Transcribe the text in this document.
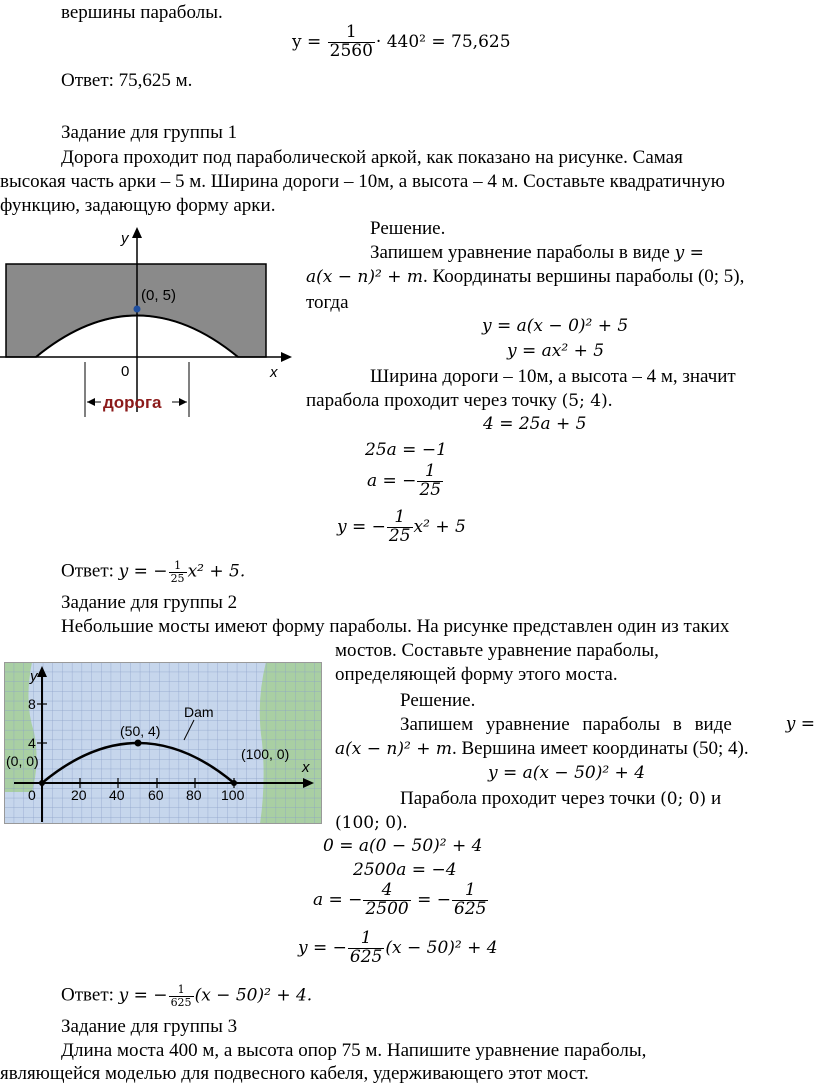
вершины параболы.
$y = \frac{1}{2560} \cdot 440^2 = 75,625$
Ответ: 75,625 м.
Задание для группы 1
Дорога проходит под параболической аркой, как показано на рисунке. Самая
высокая часть арки – 5 м. Ширина дороги – 10м, а высота – 4 м. Составьте квадратичную
функцию, задающую форму арки.
y
x
0
(0, 5)
дорога
Решение.
Запишем уравнение параболы в виде y =
a(x − n)² + m. Координаты вершины параболы (0; 5),
тогда
y = a(x − 0)² + 5
y = ax² + 5
Ширина дороги – 10м, а высота – 4 м, значит
парабола проходит через точку (5; 4).
4 = 25a + 5
25a = −1
a = − $\frac{1}{25}$
y = − $\frac{1}{25} x^2 + 5$
Ответ: y = − $\frac{1}{25} x^2 + 5$.
Задание для группы 2
Небольшие мосты имеют форму параболы. На рисунке представлен один из таких
мостов. Составьте уравнение параболы,
определяющей форму этого моста.
y
x
8
4
0	20 40 60 80 100
(50, 4)
(0, 0)	(100, 0)
Dam
Решение.
Запишем уравнение параболы в виде	y =
a(x − n)² + m. Вершина имеет координаты (50; 4).
y = a(x − 50)² + 4
Парабола проходит через точки (0; 0) и
(100; 0).
0 = a(0 − 50)² + 4
2500a = −4
a = − $\frac{4}{2500}$ = − $\frac{1}{625}$
y = − $\frac{1}{625} (x - 50)^2 + 4$
Ответ: y = − $\frac{1}{625} (x - 50)^2 + 4$.
Задание для группы 3
Длина моста 400 м, а высота опор 75 м. Напишите уравнение параболы,
являющейся моделью для подвесного кабеля, удерживающего этот мост.
